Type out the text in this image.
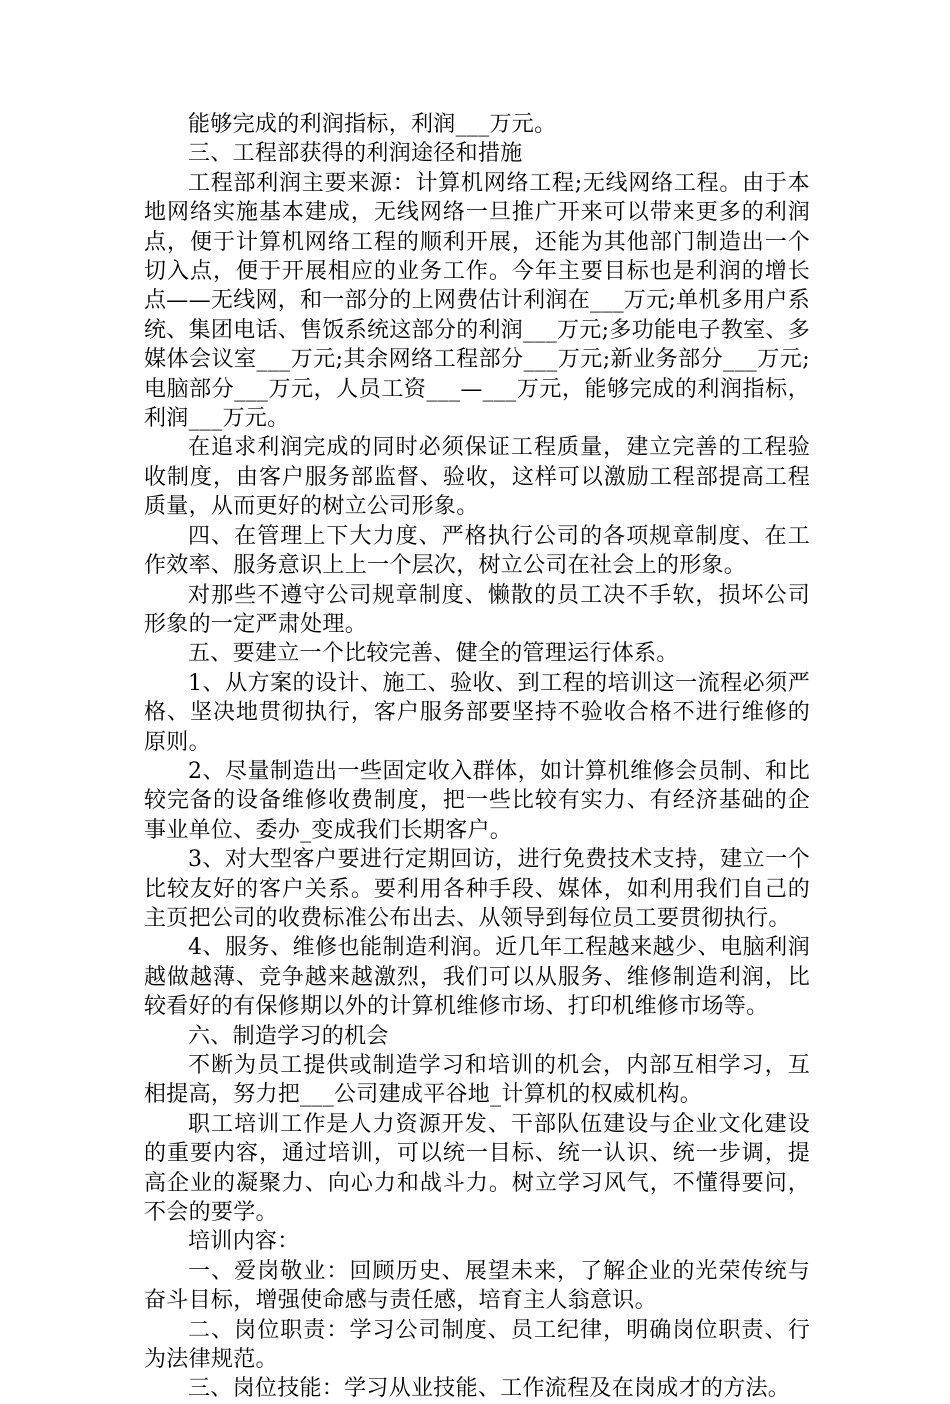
能够完成的利润指标，利润___万元。

三、工程部获得的利润途径和措施

工程部利润主要来源：计算机网络工程;无线网络工程。由于本地网络实施基本建成，无线网络一旦推广开来可以带来更多的利润点，便于计算机网络工程的顺利开展，还能为其他部门制造出一个切入点，便于开展相应的业务工作。今年主要目标也是利润的增长点——无线网，和一部分的上网费估计利润在___万元;单机多用户系统、集团电话、售饭系统这部分的利润___万元;多功能电子教室、多媒体会议室___万元;其余网络工程部分___万元;新业务部分___万元;电脑部分___万元，人员工资___—___万元，能够完成的利润指标，利润___万元。

在追求利润完成的同时必须保证工程质量，建立完善的工程验收制度，由客户服务部监督、验收，这样可以激励工程部提高工程质量，从而更好的树立公司形象。

四、在管理上下大力度、严格执行公司的各项规章制度、在工作效率、服务意识上上一个层次，树立公司在社会上的形象。

对那些不遵守公司规章制度、懒散的员工决不手软，损坏公司形象的一定严肃处理。

五、要建立一个比较完善、健全的管理运行体系。

1、从方案的设计、施工、验收、到工程的培训这一流程必须严格、坚决地贯彻执行，客户服务部要坚持不验收合格不进行维修的原则。

2、尽量制造出一些固定收入群体，如计算机维修会员制、和比较完备的设备维修收费制度，把一些比较有实力、有经济基础的企事业单位、委办_变成我们长期客户。

3、对大型客户要进行定期回访，进行免费技术支持，建立一个比较友好的客户关系。要利用各种手段、媒体，如利用我们自己的主页把公司的收费标准公布出去、从领导到每位员工要贯彻执行。

4、服务、维修也能制造利润。近几年工程越来越少、电脑利润越做越薄、竞争越来越激烈，我们可以从服务、维修制造利润，比较看好的有保修期以外的计算机维修市场、打印机维修市场等。

六、制造学习的机会

不断为员工提供或制造学习和培训的机会，内部互相学习，互相提高，努力把___公司建成平谷地_计算机的权威机构。

职工培训工作是人力资源开发、干部队伍建设与企业文化建设的重要内容，通过培训，可以统一目标、统一认识、统一步调，提高企业的凝聚力、向心力和战斗力。树立学习风气，不懂得要问，不会的要学。

培训内容：

一、爱岗敬业：回顾历史、展望未来，了解企业的光荣传统与奋斗目标，增强使命感与责任感，培育主人翁意识。

二、岗位职责：学习公司制度、员工纪律，明确岗位职责、行为法律规范。

三、岗位技能：学习从业技能、工作流程及在岗成才的方法。
